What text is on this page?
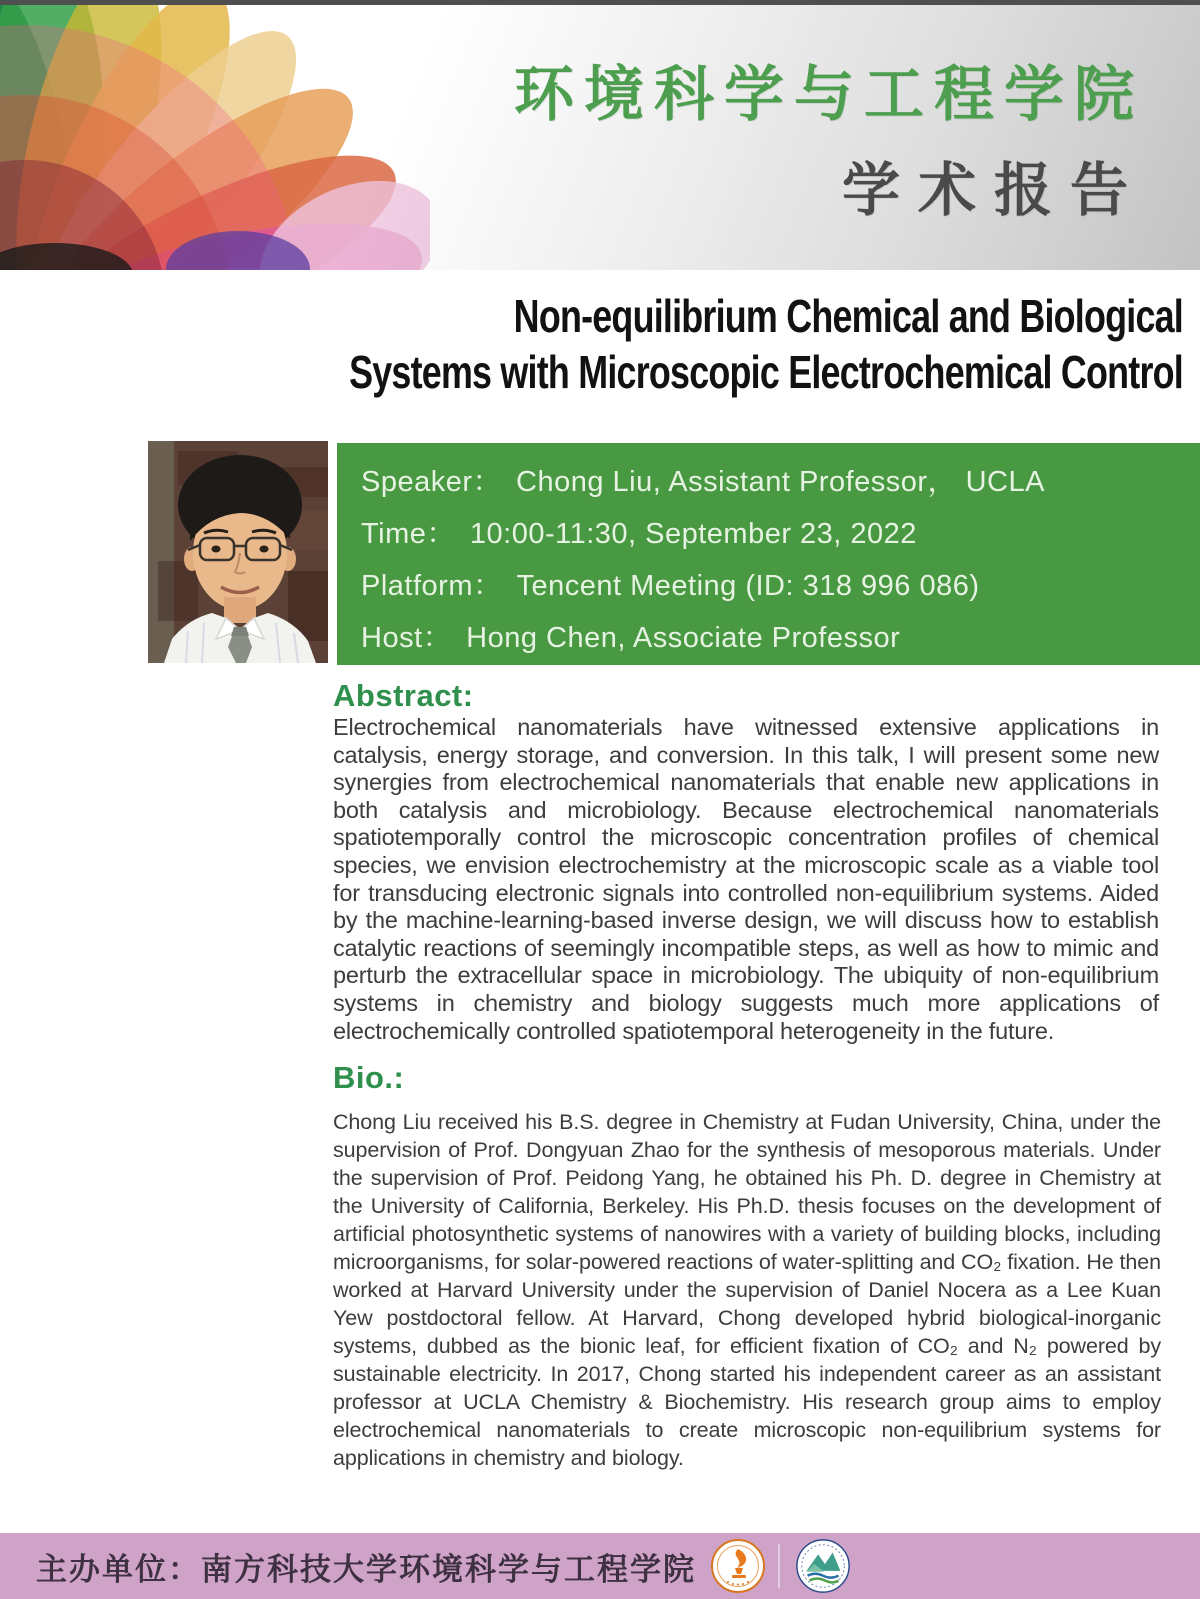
环境科学与工程学院
学术报告
Non-equilibrium Chemical and Biological
Systems with Microscopic Electrochemical Control
Speaker： Chong Liu, Assistant Professor， UCLA
Time： 10:00-11:30, September 23, 2022
Platform： Tencent Meeting (ID: 318 996 086)
Host： Hong Chen, Associate Professor
Abstract:

Electrochemical nanomaterials have witnessed extensive applications in catalysis, energy storage, and conversion. In this talk, I will present some new synergies from electrochemical nanomaterials that enable new applications in both catalysis and microbiology. Because electrochemical nanomaterials spatiotemporally control the microscopic concentration profiles of chemical species, we envision electrochemistry at the microscopic scale as a viable tool for transducing electronic signals into controlled non-equilibrium systems. Aided by the machine-learning-based inverse design, we will discuss how to establish catalytic reactions of seemingly incompatible steps, as well as how to mimic and perturb the extracellular space in microbiology. The ubiquity of non-equilibrium systems in chemistry and biology suggests much more applications of electrochemically controlled spatiotemporal heterogeneity in the future.

Bio.:

Chong Liu received his B.S. degree in Chemistry at Fudan University, China, under the supervision of Prof. Dongyuan Zhao for the synthesis of mesoporous materials. Under the supervision of Prof. Peidong Yang, he obtained his Ph. D. degree in Chemistry at the University of California, Berkeley. His Ph.D. thesis focuses on the development of artificial photosynthetic systems of nanowires with a variety of building blocks, including microorganisms, for solar-powered reactions of water-splitting and CO₂ fixation. He then worked at Harvard University under the supervision of Daniel Nocera as a Lee Kuan Yew postdoctoral fellow. At Harvard, Chong developed hybrid biological-inorganic systems, dubbed as the bionic leaf, for efficient fixation of CO₂ and N₂ powered by sustainable electricity. In 2017, Chong started his independent career as an assistant professor at UCLA Chemistry & Biochemistry. His research group aims to employ electrochemical nanomaterials to create microscopic non-equilibrium systems for applications in chemistry and biology.

主办单位：南方科技大学环境科学与工程学院
